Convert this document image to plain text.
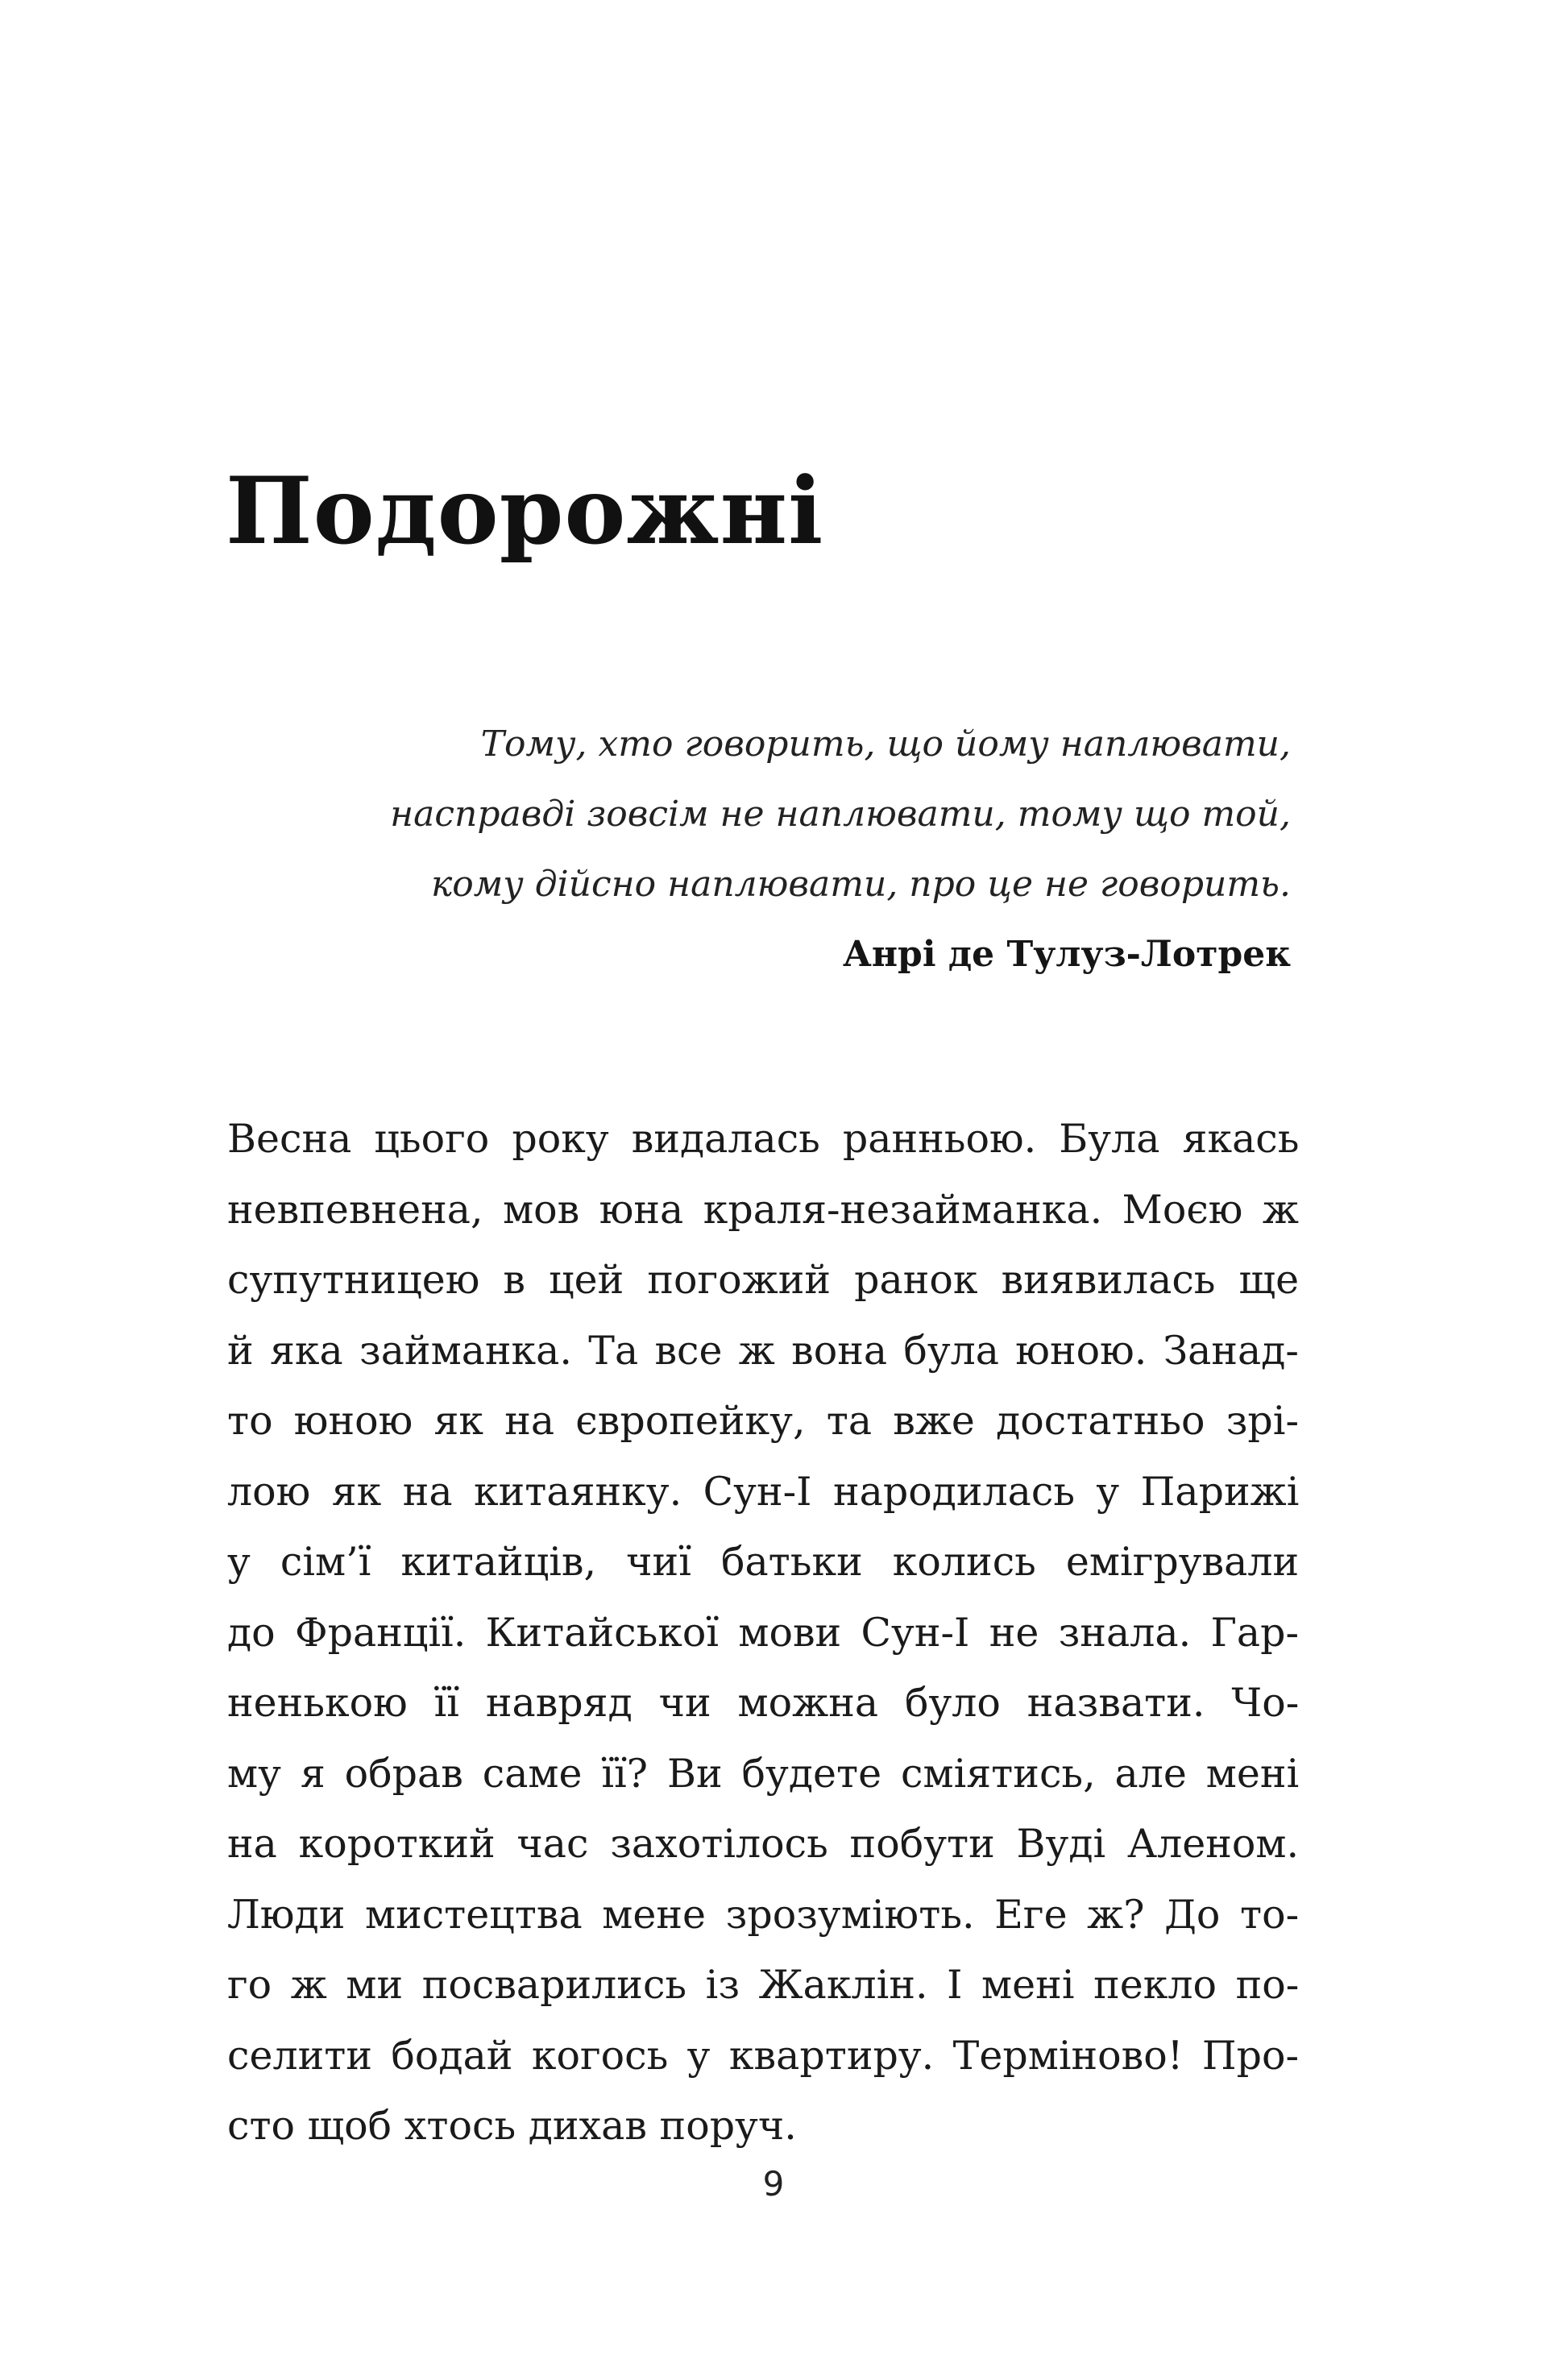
Подорожні
Тому, хто говорить, що йому наплювати,
насправді зовсім не наплювати, тому що той,
кому дійсно наплювати, про це не говорить.
Анрі де Тулуз-Лотрек
Весна цього року видалась ранньою. Була якась
невпевнена, мов юна краля-незайманка. Моєю ж
супутницею в цей погожий ранок виявилась ще
й яка займанка. Та все ж вона була юною. Занад-
то юною як на європейку, та вже достатньо зрі-
лою як на китаянку. Сун-І народилась у Парижі
у сім’ї китайців, чиї батьки колись емігрували
до Франції. Китайської мови Сун-І не знала. Гар-
ненькою її навряд чи можна було назвати. Чо-
му я обрав саме її? Ви будете сміятись, але мені
на короткий час захотілось побути Вуді Аленом.
Люди мистецтва мене зрозуміють. Еге ж? До то-
го ж ми посварились із Жаклін. І мені пекло по-
селити бодай когось у квартиру. Терміново! Про-
сто щоб хтось дихав поруч.
9
